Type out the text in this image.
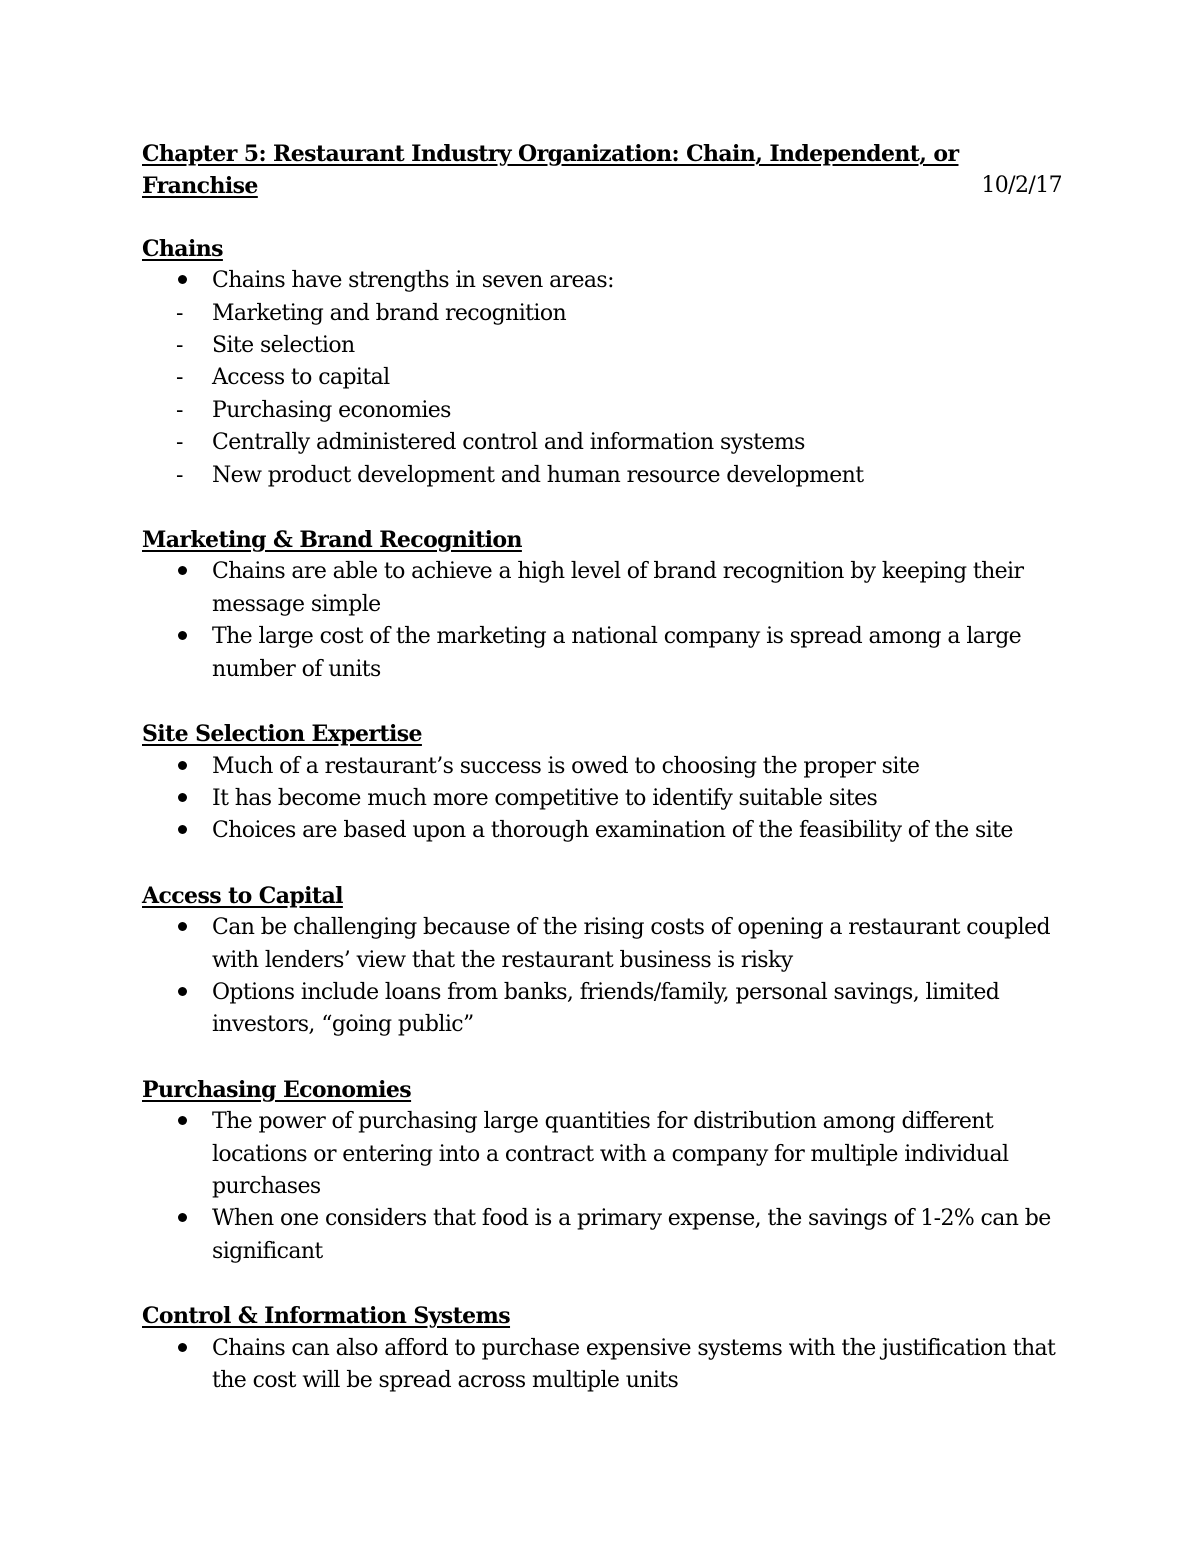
Chapter 5: Restaurant Industry Organization: Chain, Independent, or Franchise	10/2/17

Chains

Chains have strengths in seven areas:
-	Marketing and brand recognition
-	Site selection
-	Access to capital
-	Purchasing economies
-	Centrally administered control and information systems
-	New product development and human resource development

Marketing & Brand Recognition

Chains are able to achieve a high level of brand recognition by keeping their message simple
The large cost of the marketing a national company is spread among a large number of units

Site Selection Expertise

Much of a restaurant’s success is owed to choosing the proper site
It has become much more competitive to identify suitable sites
Choices are based upon a thorough examination of the feasibility of the site

Access to Capital

Can be challenging because of the rising costs of opening a restaurant coupled with lenders’ view that the restaurant business is risky
Options include loans from banks, friends/family, personal savings, limited investors, “going public”

Purchasing Economies

The power of purchasing large quantities for distribution among different locations or entering into a contract with a company for multiple individual purchases
When one considers that food is a primary expense, the savings of 1-2% can be significant

Control & Information Systems

Chains can also afford to purchase expensive systems with the justification that the cost will be spread across multiple units
